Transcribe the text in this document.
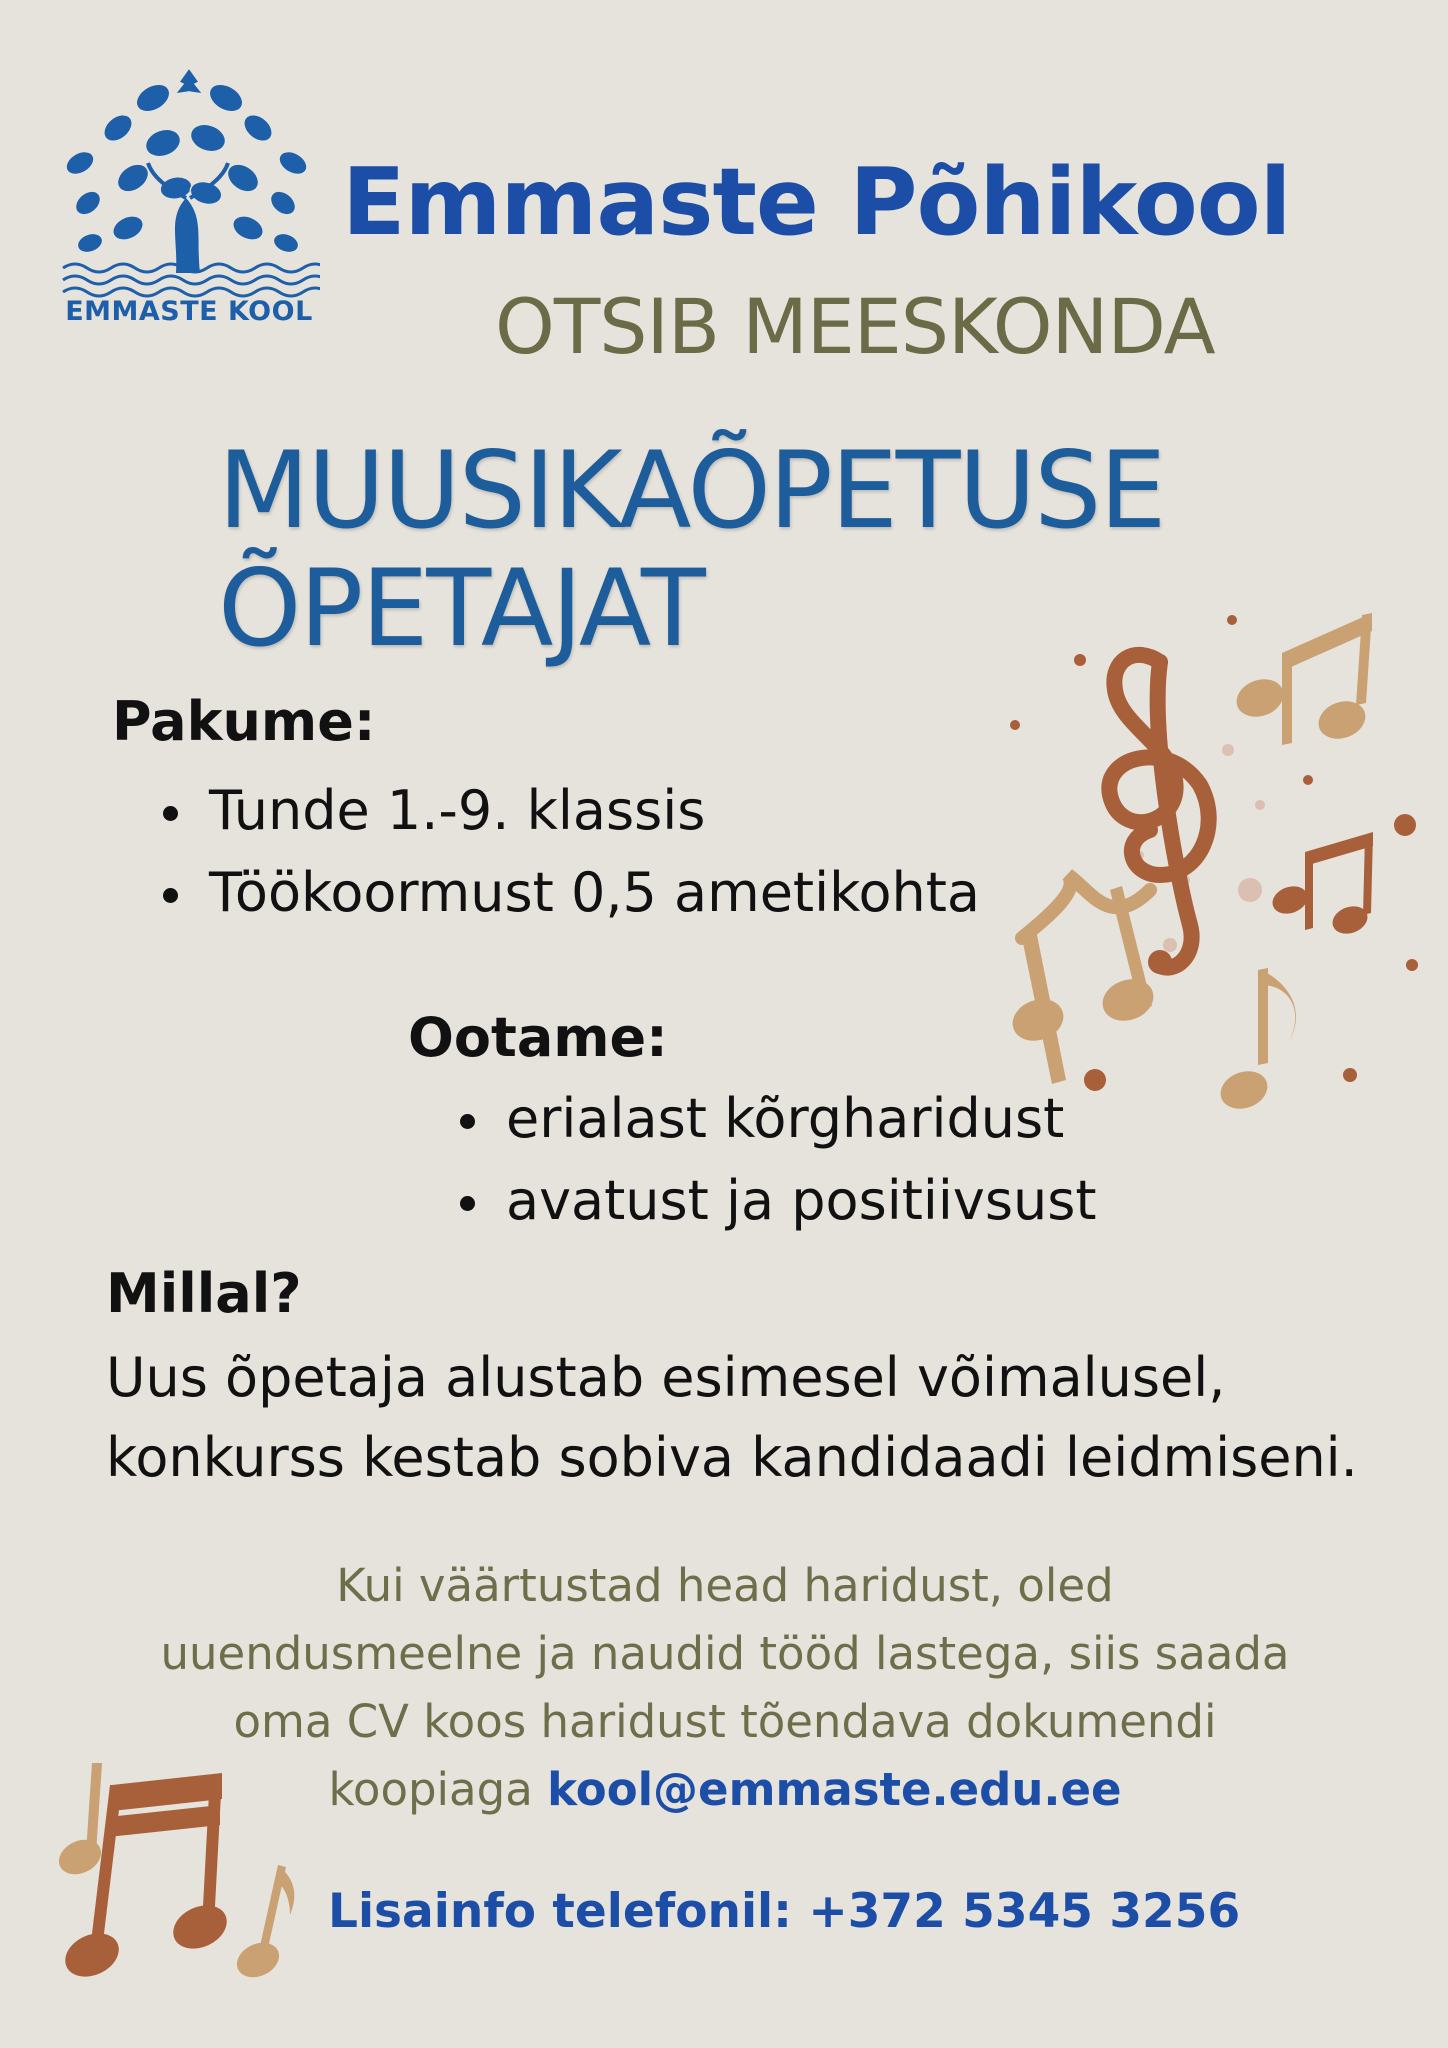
EMMASTE KOOL
Emmaste Põhikool
OTSIB MEESKONDA
MUUSIKAÕPETUSE
ÕPETAJAT
Pakume:
Tunde 1.-9. klassis
Töökoormust 0,5 ametikohta
Ootame:
erialast kõrgharidust
avatust ja positiivsust
Millal?
Uus õpetaja alustab esimesel võimalusel,
konkurss kestab sobiva kandidaadi leidmiseni.
Kui väärtustad head haridust, oled
uuendusmeelne ja naudid tööd lastega, siis saada
oma CV koos haridust tõendava dokumendi
koopiaga kool@emmaste.edu.ee
Lisainfo telefonil: +372 5345 3256
